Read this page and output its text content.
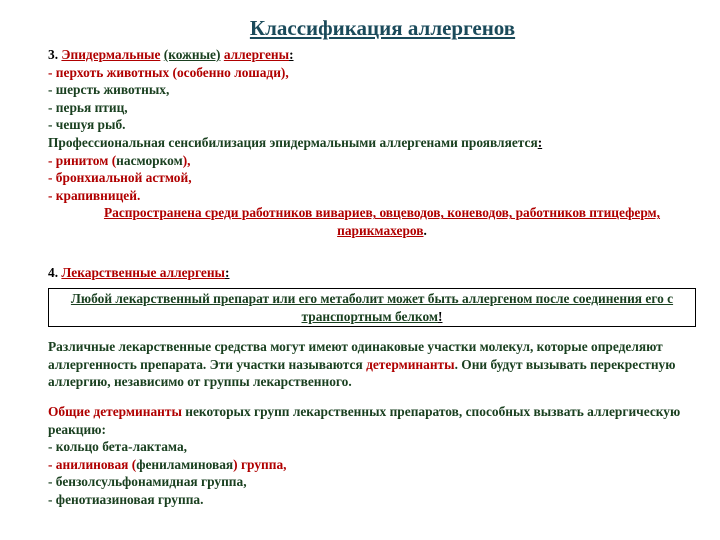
Классификация аллергенов
3. Эпидермальные (кожные) аллергены:
- перхоть животных (особенно лошади),
- шерсть животных,
- перья птиц,
- чешуя рыб.
Профессиональная сенсибилизация эпидермальными аллергенами проявляется:
- ринитом (насморком),
- бронхиальной астмой,
- крапивницей.
Распространена среди работников вивариев, овцеводов, коневодов, работников птицеферм, парикмахеров.
4. Лекарственные аллергены:
Любой лекарственный препарат или его метаболит может быть аллергеном после соединения его с транспортным белком!
Различные лекарственные средства могут имеют одинаковые участки молекул, которые определяют аллергенность препарата. Эти участки называются детерминанты. Они будут вызывать перекрестную аллергию, независимо от группы лекарственного.
Общие детерминанты некоторых групп лекарственных препаратов, способных вызвать аллергическую реакцию:
- кольцо бета-лактама,
- анилиновая (фениламиновая) группа,
- бензолсульфонамидная группа,
- фенотиазиновая группа.
